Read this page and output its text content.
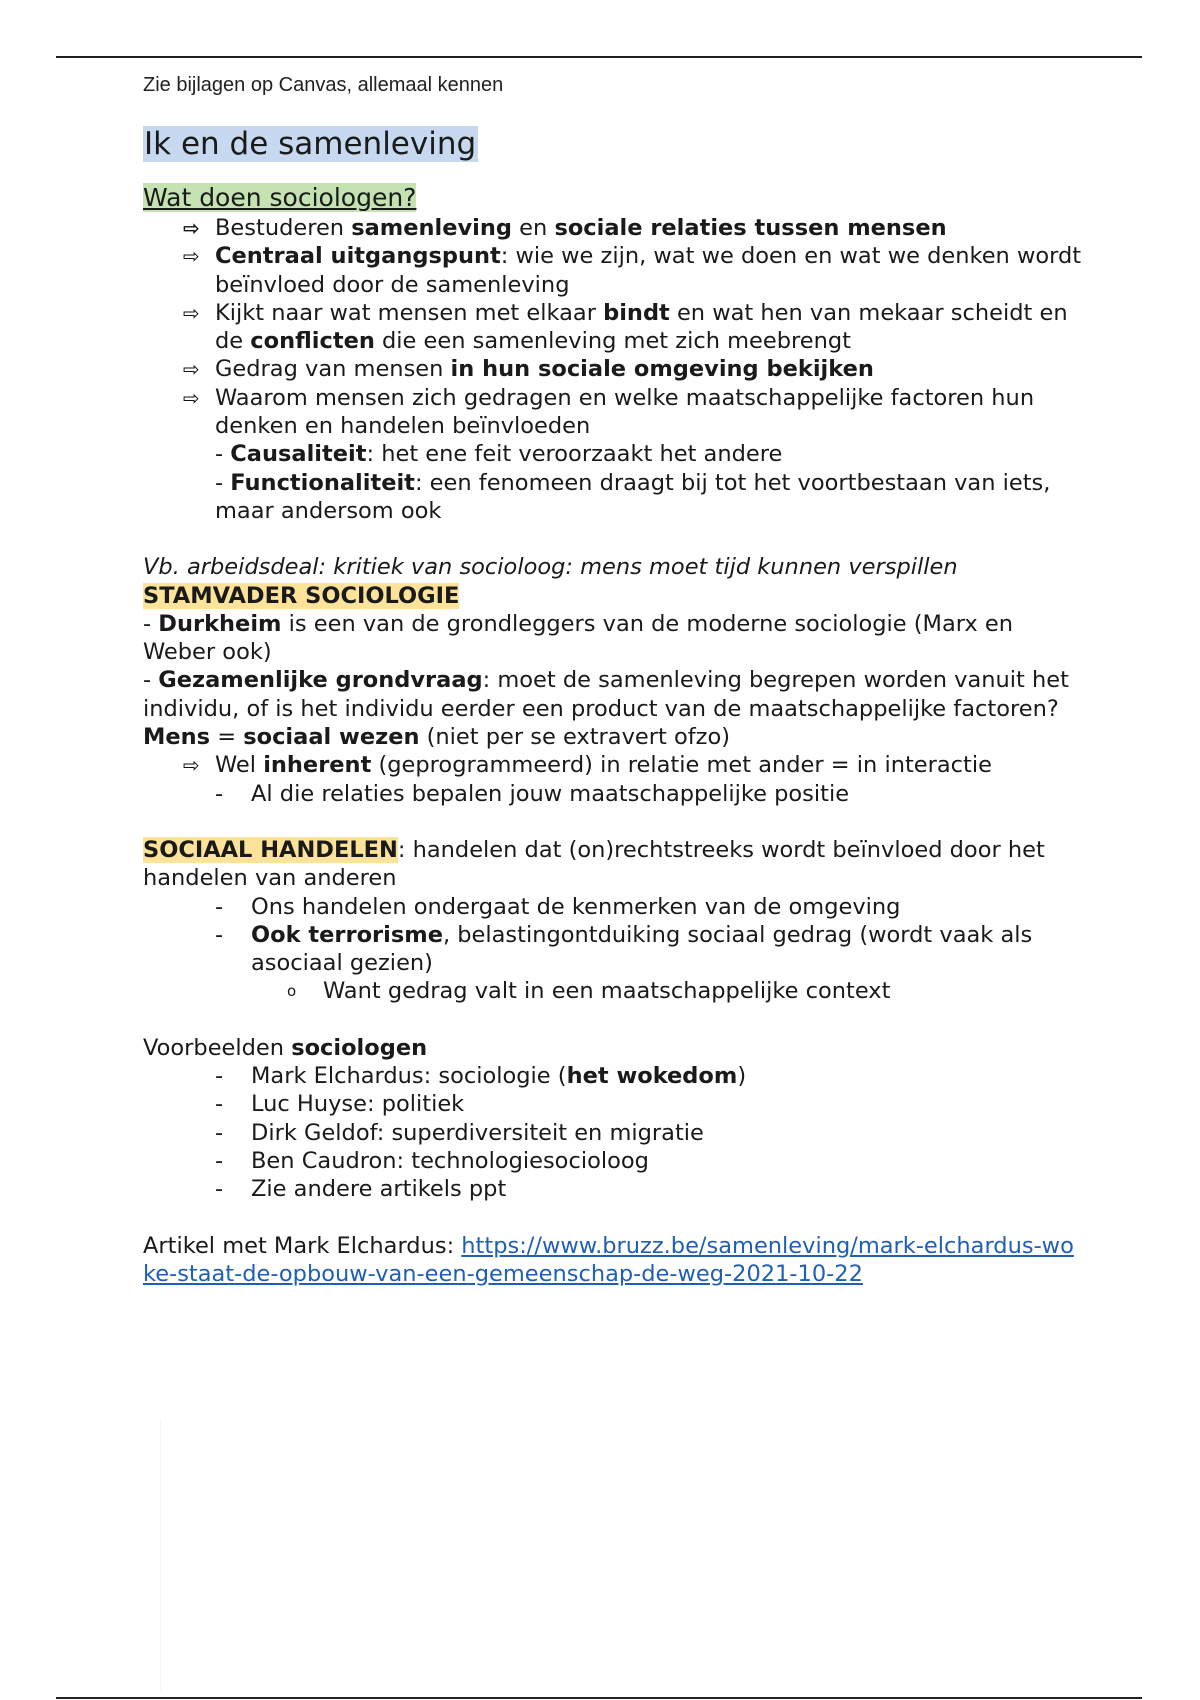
Zie bijlagen op Canvas, allemaal kennen

Ik en de samenleving
Wat doen sociologen?
⇨ Bestuderen samenleving en sociale relaties tussen mensen
⇨ Centraal uitgangspunt: wie we zijn, wat we doen en wat we denken wordt beïnvloed door de samenleving
⇨ Kijkt naar wat mensen met elkaar bindt en wat hen van mekaar scheidt en de conflicten die een samenleving met zich meebrengt
⇨ Gedrag van mensen in hun sociale omgeving bekijken
⇨ Waarom mensen zich gedragen en welke maatschappelijke factoren hun denken en handelen beïnvloeden
- Causaliteit: het ene feit veroorzaakt het andere
- Functionaliteit: een fenomeen draagt bij tot het voortbestaan van iets, maar andersom ook
Vb. arbeidsdeal: kritiek van socioloog: mens moet tijd kunnen verspillen
STAMVADER SOCIOLOGIE
- Durkheim is een van de grondleggers van de moderne sociologie (Marx en Weber ook)
- Gezamenlijke grondvraag: moet de samenleving begrepen worden vanuit het individu, of is het individu eerder een product van de maatschappelijke factoren?
Mens = sociaal wezen (niet per se extravert ofzo)
⇨ Wel inherent (geprogrammeerd) in relatie met ander = in interactie
- Al die relaties bepalen jouw maatschappelijke positie
SOCIAAL HANDELEN: handelen dat (on)rechtstreeks wordt beïnvloed door het handelen van anderen
- Ons handelen ondergaat de kenmerken van de omgeving
- Ook terrorisme, belastingontduiking sociaal gedrag (wordt vaak als asociaal gezien)
o Want gedrag valt in een maatschappelijke context
Voorbeelden sociologen
- Mark Elchardus: sociologie (het wokedom)
- Luc Huyse: politiek
- Dirk Geldof: superdiversiteit en migratie
- Ben Caudron: technologiesocioloog
- Zie andere artikels ppt
Artikel met Mark Elchardus: https://www.bruzz.be/samenleving/mark-elchardus-woke-staat-de-opbouw-van-een-gemeenschap-de-weg-2021-10-22
